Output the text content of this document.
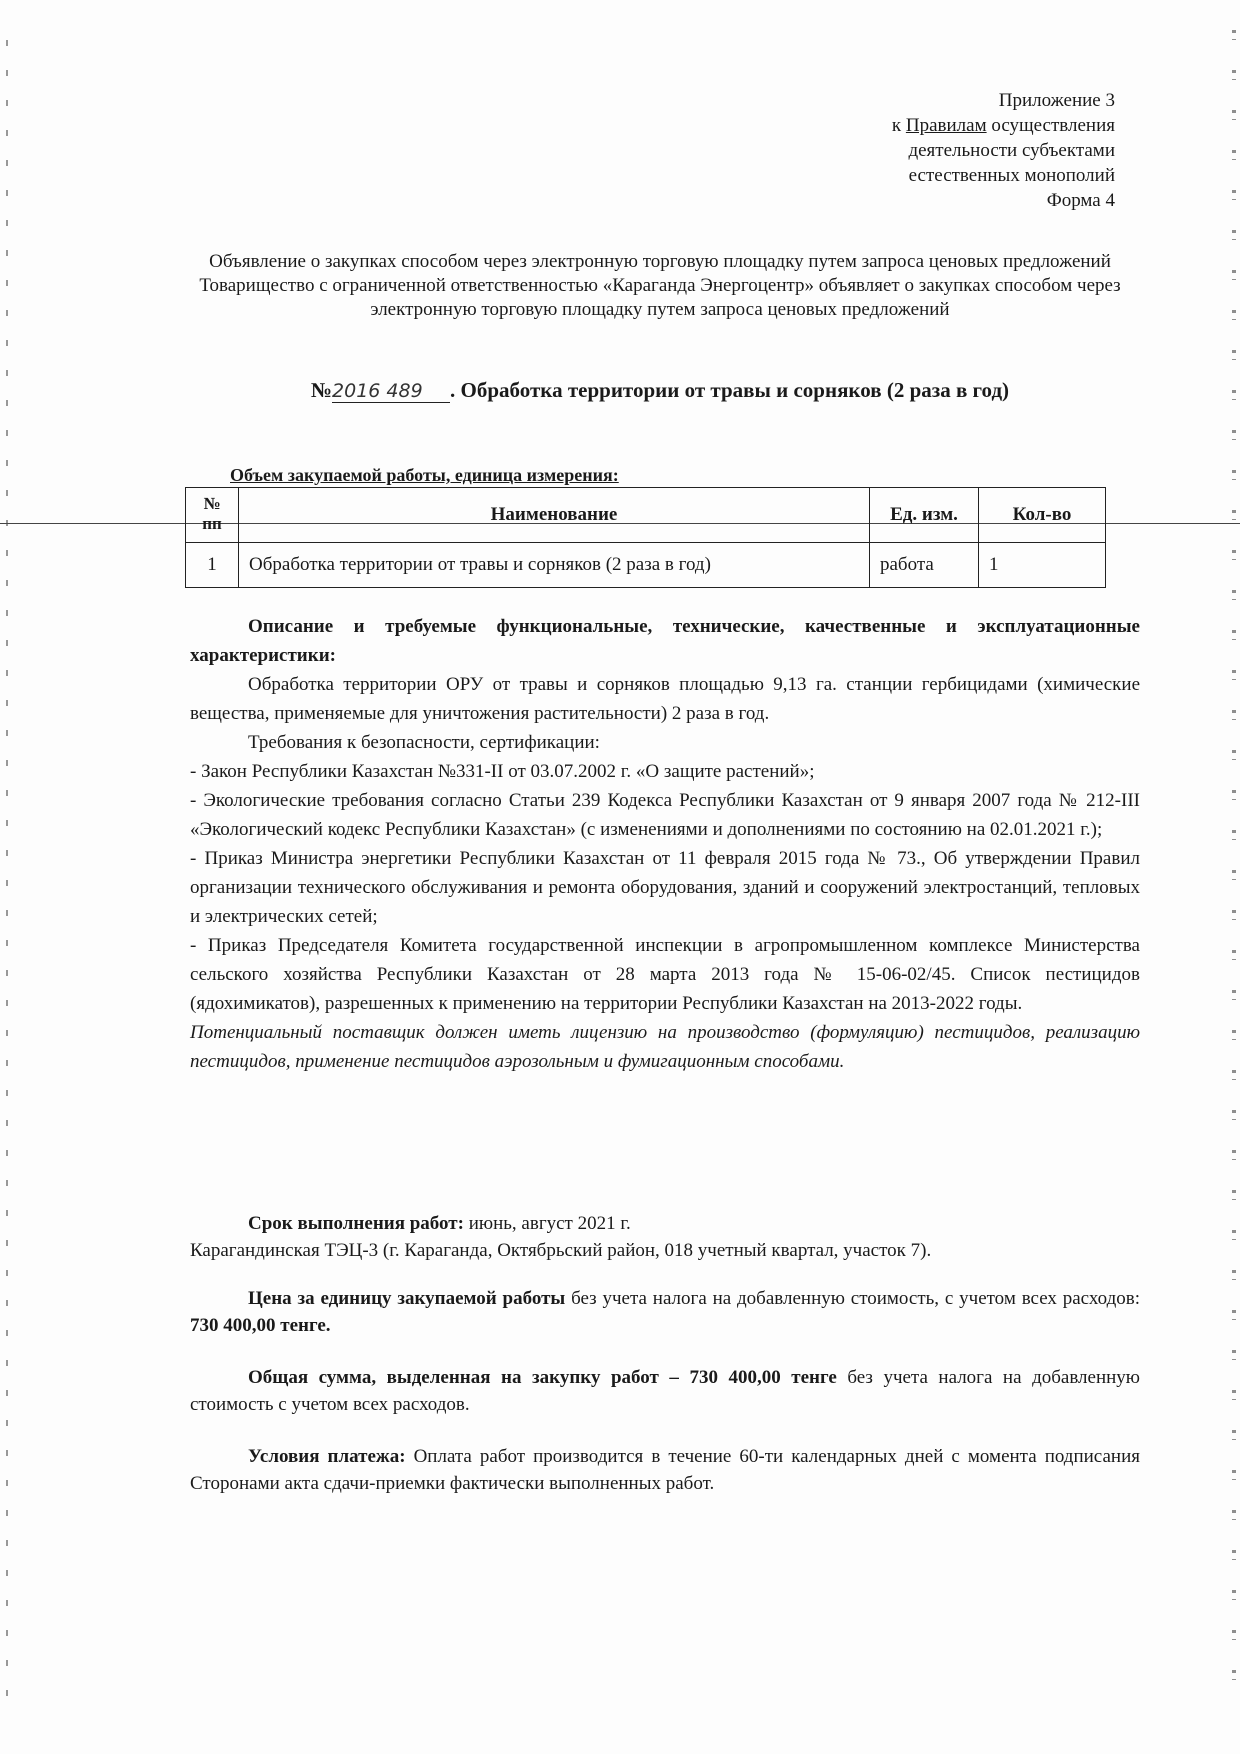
Приложение 3
к Правилам осуществления
деятельности субъектами
естественных монополий
Форма 4

Объявление о закупках способом через электронную торговую площадку путем запроса ценовых предложений

Товарищество с ограниченной ответственностью «Караганда Энергоцентр» объявляет о закупках способом через электронную торговую площадку путем запроса ценовых предложений

№2016 489 . Обработка территории от травы и сорняков (2 раза в год)
Объем закупаемой работы, единица измерения:
№ пп	Наименование	Ед. изм.	Кол-во
1	Обработка территории от травы и сорняков (2 раза в год)	работа	1

Описание и требуемые функциональные, технические, качественные и эксплуатационные характеристики:

Обработка территории ОРУ от травы и сорняков площадью 9,13 га. станции гербицидами (химические вещества, применяемые для уничтожения растительности) 2 раза в год.

Требования к безопасности, сертификации:

- Закон Республики Казахстан №331-II от 03.07.2002 г. «О защите растений»;

- Экологические требования согласно Статьи 239 Кодекса Республики Казахстан от 9 января 2007 года № 212-III «Экологический кодекс Республики Казахстан» (с изменениями и дополнениями по состоянию на 02.01.2021 г.);

- Приказ Министра энергетики Республики Казахстан от 11 февраля 2015 года № 73., Об утверждении Правил организации технического обслуживания и ремонта оборудования, зданий и сооружений электростанций, тепловых и электрических сетей;

- Приказ Председателя Комитета государственной инспекции в агропромышленном комплексе Министерства сельского хозяйства Республики Казахстан от 28 марта 2013 года № 15-06-02/45. Список пестицидов (ядохимикатов), разрешенных к применению на территории Республики Казахстан на 2013-2022 годы.

Потенциальный поставщик должен иметь лицензию на производство (формуляцию) пестицидов, реализацию пестицидов, применение пестицидов аэрозольным и фумигационным способами.

Срок выполнения работ: июнь, август 2021 г.

Карагандинская ТЭЦ-3 (г. Караганда, Октябрьский район, 018 учетный квартал, участок 7).

Цена за единицу закупаемой работы без учета налога на добавленную стоимость, с учетом всех расходов: 730 400,00 тенге.

Общая сумма, выделенная на закупку работ – 730 400,00 тенге без учета налога на добавленную стоимость с учетом всех расходов.

Условия платежа: Оплата работ производится в течение 60-ти календарных дней с момента подписания Сторонами акта сдачи-приемки фактически выполненных работ.
